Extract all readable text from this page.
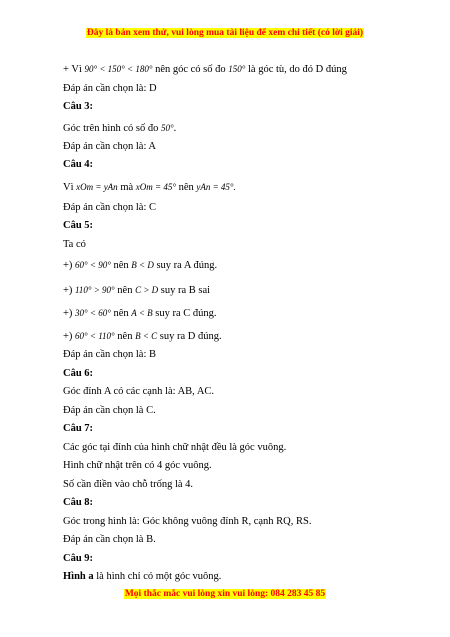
Đây là bản xem thử, vui lòng mua tài liệu để xem chi tiết (có lời giải)
+ Vì 90° < 150° < 180° nên góc có số đo 150° là góc tù, do đó D đúng
Đáp án cần chọn là: D
Câu 3:
Góc trên hình có số đo 50°.
Đáp án cần chọn là: A
Câu 4:
Vì xOm = yAn mà xOm = 45° nên yAn = 45°.
Đáp án cần chọn là: C
Câu 5:
Ta có
+) 60° < 90° nên B < D suy ra A đúng.
+) 110° > 90° nên C > D suy ra B sai
+) 30° < 60° nên A < B suy ra C đúng.
+) 60° < 110° nên B < C suy ra D đúng.
Đáp án cần chọn là: B
Câu 6:
Góc đỉnh A có các cạnh là: AB, AC.
Đáp án cần chọn là C.
Câu 7:
Các góc tại đỉnh của hình chữ nhật đều là góc vuông.
Hình chữ nhật trên có 4 góc vuông.
Số cần điền vào chỗ trống là 4.
Câu 8:
Góc trong hình là: Góc không vuông đỉnh R, cạnh RQ, RS.
Đáp án cần chọn là B.
Câu 9:
Hình a là hình chỉ có một góc vuông.
Mọi thắc mắc vui lòng xin vui lòng: 084 283 45 85
